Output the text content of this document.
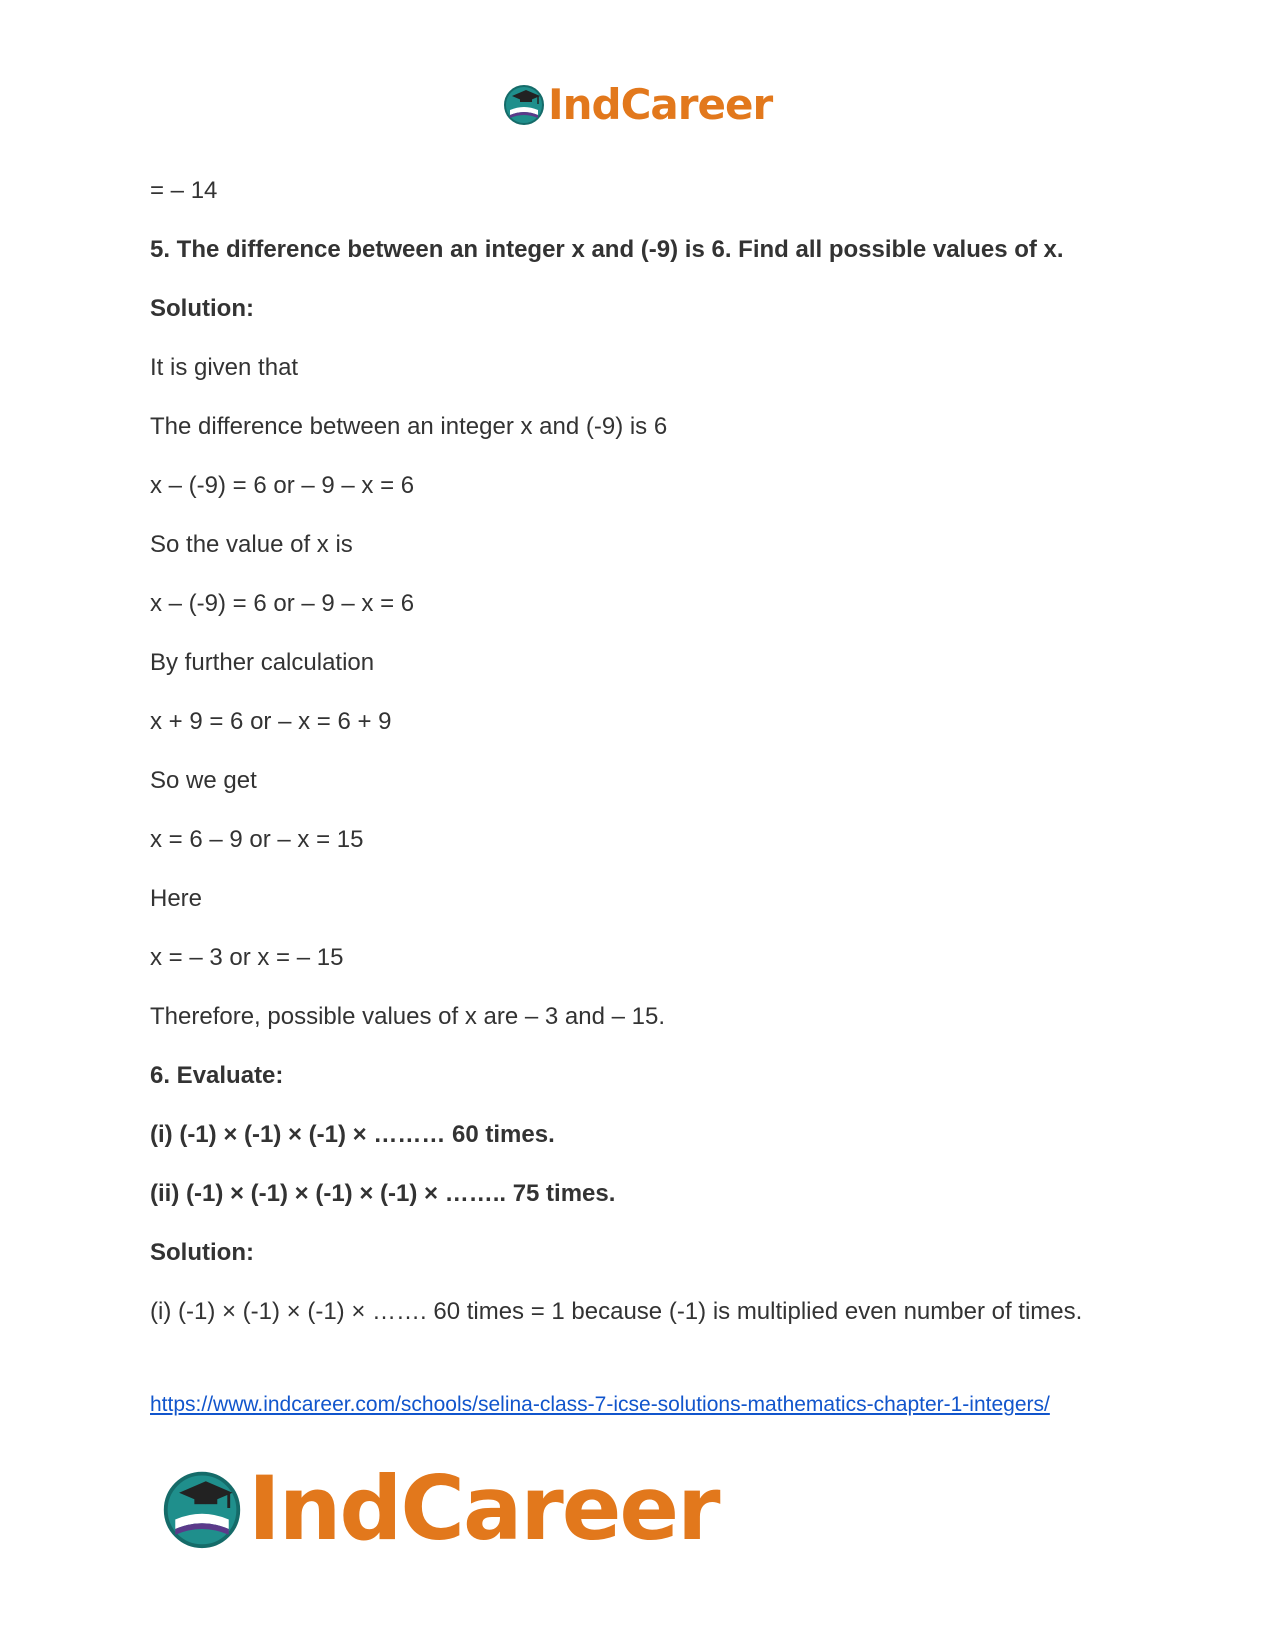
IndCareer
= – 14
5. The difference between an integer x and (-9) is 6. Find all possible values of x.
Solution:
It is given that
The difference between an integer x and (-9) is 6
x – (-9) = 6 or – 9 – x = 6
So the value of x is
x – (-9) = 6 or – 9 – x = 6
By further calculation
x + 9 = 6 or – x = 6 + 9
So we get
x = 6 – 9 or – x = 15
Here
x = – 3 or x = – 15
Therefore, possible values of x are – 3 and – 15.
6. Evaluate:
(i) (-1) × (-1) × (-1) × ……… 60 times.
(ii) (-1) × (-1) × (-1) × (-1) × …….. 75 times.
Solution:
(i) (-1) × (-1) × (-1) × ……. 60 times = 1 because (-1) is multiplied even number of times.
https://www.indcareer.com/schools/selina-class-7-icse-solutions-mathematics-chapter-1-integers/
IndCareer
